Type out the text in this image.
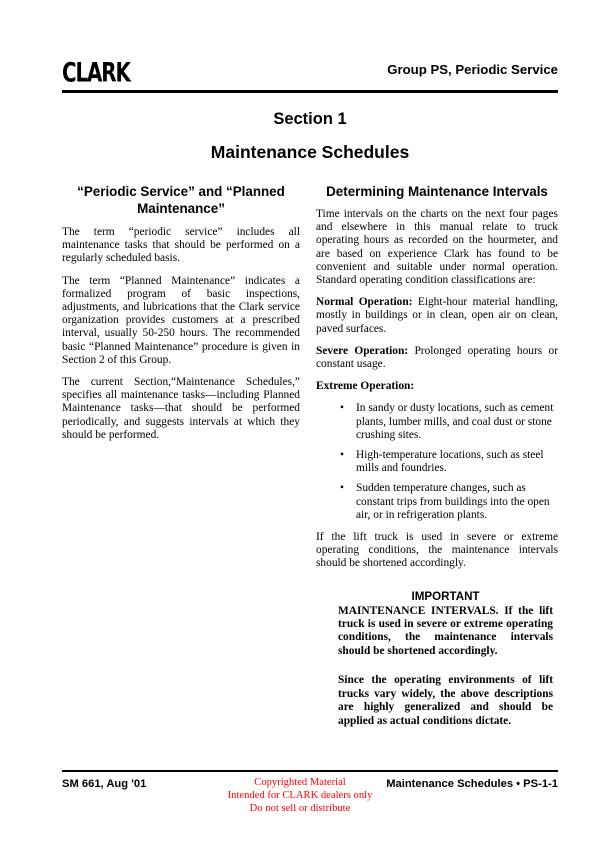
CLARK	Group PS, Periodic Service
Section 1
Maintenance Schedules
“Periodic Service” and “Planned Maintenance”

The term “periodic service” includes all maintenance tasks that should be performed on a regularly scheduled basis.

The term “Planned Maintenance” indicates a formalized program of basic inspections, adjustments, and lubrications that the Clark service organization provides customers at a prescribed interval, usually 50-250 hours. The recommended basic “Planned Maintenance” procedure is given in Section 2 of this Group.

The current Section,“Maintenance Schedules,” specifies all maintenance tasks—including Planned Maintenance tasks—that should be performed periodically, and suggests intervals at which they should be performed.

Determining Maintenance Intervals

Time intervals on the charts on the next four pages and elsewhere in this manual relate to truck operating hours as recorded on the hourmeter, and are based on experience Clark has found to be convenient and suitable under normal operation. Standard operating condition classifications are:

Normal Operation: Eight-hour material handling, mostly in buildings or in clean, open air on clean, paved surfaces.

Severe Operation: Prolonged operating hours or constant usage.

Extreme Operation:

• In sandy or dusty locations, such as cement plants, lumber mills, and coal dust or stone crushing sites.
• High-temperature locations, such as steel mills and foundries.
• Sudden temperature changes, such as constant trips from buildings into the open air, or in refrigeration plants.

If the lift truck is used in severe or extreme operating conditions, the maintenance intervals should be shortened accordingly.

IMPORTANT

MAINTENANCE INTERVALS. If the lift truck is used in severe or extreme operating conditions, the maintenance intervals should be shortened accordingly.

Since the operating environments of lift trucks vary widely, the above descriptions are highly generalized and should be applied as actual conditions dictate.

SM 661, Aug '01	Maintenance Schedules • PS-1-1
Copyrighted Material
Intended for CLARK dealers only
Do not sell or distribute
